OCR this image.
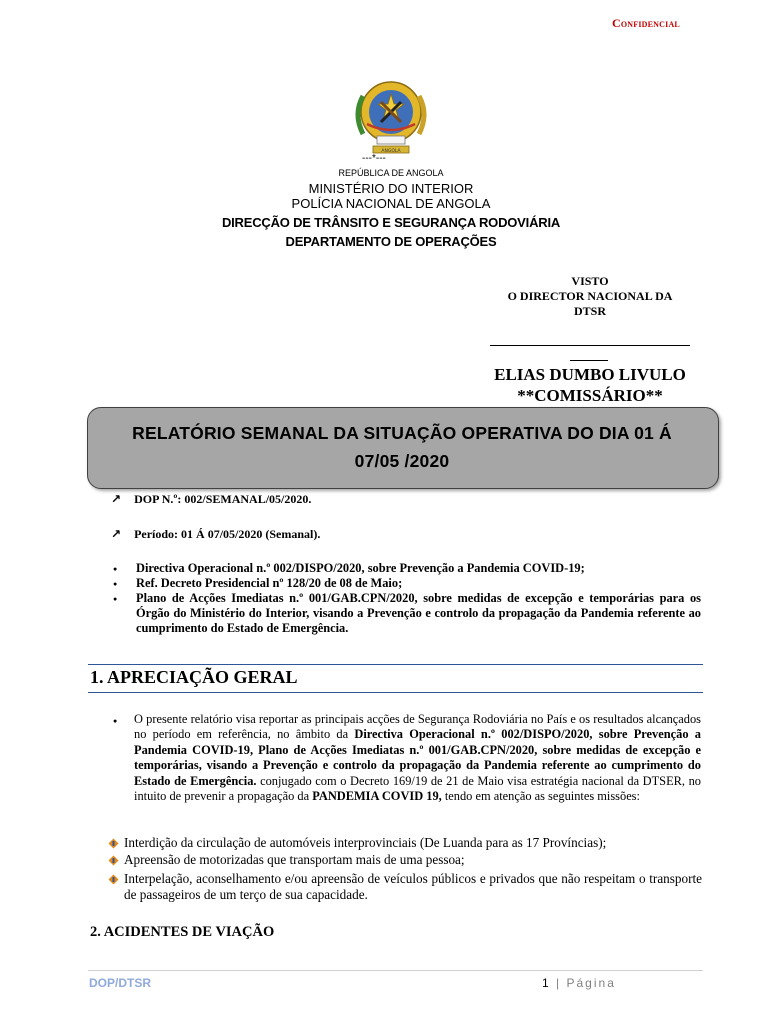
Confidencial
ANGOLA
---*---
REPÚBLICA DE ANGOLA
MINISTÉRIO DO INTERIOR
POLÍCIA NACIONAL DE ANGOLA
DIRECÇÃO DE TRÂNSITO E SEGURANÇA RODOVIÁRIA
DEPARTAMENTO DE OPERAÇÕES
VISTO
O DIRECTOR NACIONAL DA
DTSR
ELIAS DUMBO LIVULO
**COMISSÁRIO**
RELATÓRIO SEMANAL DA SITUAÇÃO OPERATIVA DO DIA 01 Á
07/05 /2020
↗ DOP N.º: 002/SEMANAL/05/2020.
↗ Período: 01 Á 07/05/2020 (Semanal).
● Directiva Operacional n.º 002/DISPO/2020, sobre Prevenção a Pandemia COVID-19;
● Ref. Decreto Presidencial nº 128/20 de 08 de Maio;
● Plano de Acções Imediatas n.º 001/GAB.CPN/2020, sobre medidas de excepção e temporárias para os Órgão do Ministério do Interior, visando a Prevenção e controlo da propagação da Pandemia referente ao cumprimento do Estado de Emergência.
1. APRECIAÇÃO GERAL
● O presente relatório visa reportar as principais acções de Segurança Rodoviária no País e os resultados alcançados no período em referência, no âmbito da Directiva Operacional n.º 002/DISPO/2020, sobre Prevenção a Pandemia COVID-19, Plano de Acções Imediatas n.º 001/GAB.CPN/2020, sobre medidas de excepção e temporárias, visando a Prevenção e controlo da propagação da Pandemia referente ao cumprimento do Estado de Emergência. conjugado com o Decreto 169/19 de 21 de Maio visa estratégia nacional da DTSER, no intuito de prevenir a propagação da PANDEMIA COVID 19, tendo em atenção as seguintes missões:
Interdição da circulação de automóveis interprovinciais (De Luanda para as 17 Províncias);
Apreensão de motorizadas que transportam mais de uma pessoa;
Interpelação, aconselhamento e/ou apreensão de veículos públicos e privados que não respeitam o transporte de passageiros de um terço de sua capacidade.
2. ACIDENTES DE VIAÇÃO
DOP/DTSR	1 | Página
